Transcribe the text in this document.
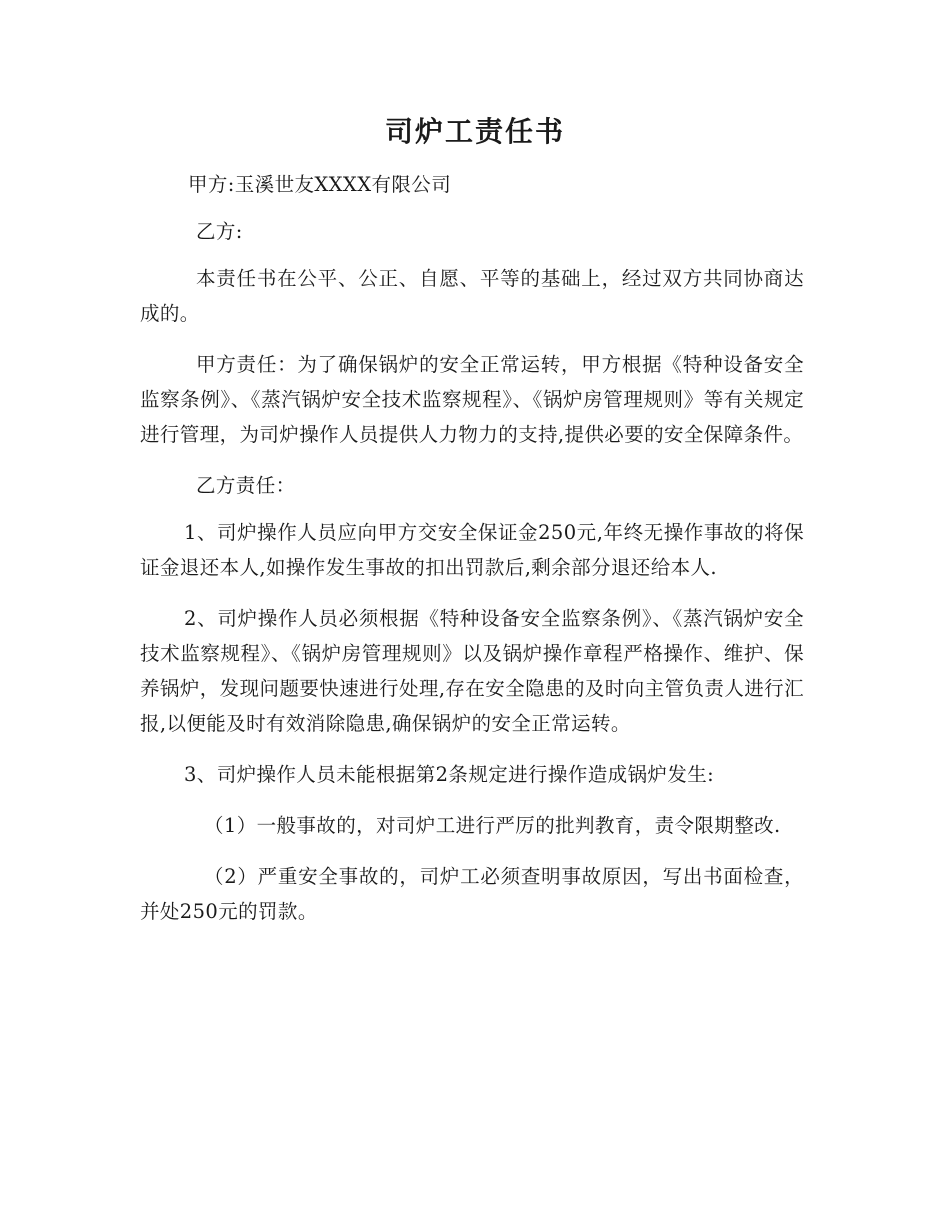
司炉工责任书

甲方:玉溪世友XXXX有限公司

乙方:

本责任书在公平、公正、自愿、平等的基础上，经过双方共同协商达成的。

甲方责任：为了确保锅炉的安全正常运转，甲方根据《特种设备安全监察条例》、《蒸汽锅炉安全技术监察规程》、《锅炉房管理规则》等有关规定进行管理，为司炉操作人员提供人力物力的支持,提供必要的安全保障条件。

乙方责任：

1、司炉操作人员应向甲方交安全保证金250元,年终无操作事故的将保证金退还本人,如操作发生事故的扣出罚款后,剩余部分退还给本人.

2、司炉操作人员必须根据《特种设备安全监察条例》、《蒸汽锅炉安全技术监察规程》、《锅炉房管理规则》以及锅炉操作章程严格操作、维护、保养锅炉，发现问题要快速进行处理,存在安全隐患的及时向主管负责人进行汇报,以便能及时有效消除隐患,确保锅炉的安全正常运转。

3、司炉操作人员未能根据第2条规定进行操作造成锅炉发生:

（1）一般事故的，对司炉工进行严厉的批判教育，责令限期整改.

（2）严重安全事故的，司炉工必须查明事故原因，写出书面检查，并处250元的罚款。
